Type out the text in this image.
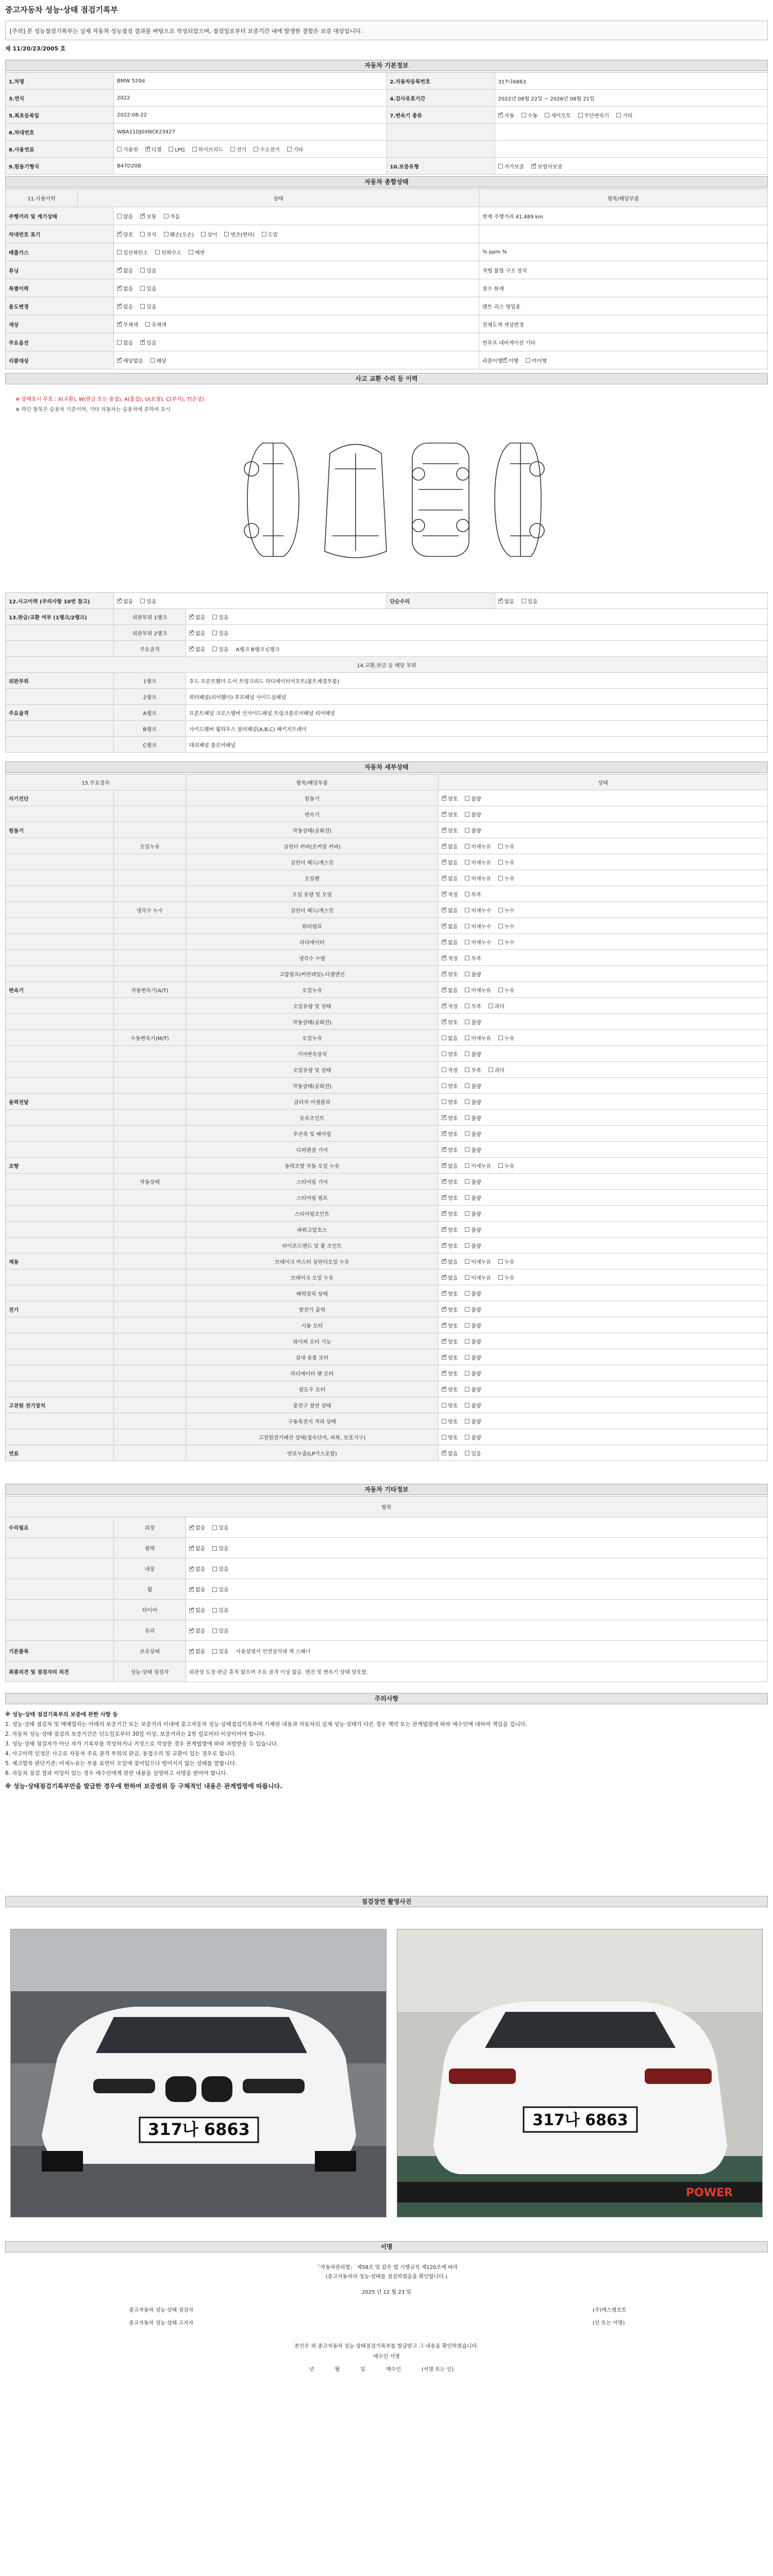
중고자동차 성능·상태 점검기록부
[주의] 본 성능점검기록부는 실제 자동차 성능점검 결과를 바탕으로 작성되었으며, 점검일로부터 보증기간 내에 발생한 결함은 보증 대상입니다.
제 11/20/23/2005 호
자동차 기본정보
1.차명	BMW 520d	2.자동차등록번호	317나6863
3.연식	2022	4.검사유효기간	2022년 08월 22일 ~ 2026년 08월 21일
5.최초등록일	2022-08-22	7.변속기 종류 ✓	자동	수동	세미오토	무단변속기	기타
6.차대번호	WBA11DJ0XNCK23427
8.사용연료	가솔린 ✓	디젤	LPG	하이브리드	전기	수소전기	기타
9.원동기형식	B47D20B	10.보증유형	자가보증 ✓	보험사보증
자동차 종합상태
11.사용이력	상태	항목/해당부품
주행거리 및 계기상태	많음 ✓	보통	적음	현재 주행거리 41,489 km
차대번호 표기 ✓	양호	부식	훼손(오손)	상이	변조(변타)	도말
배출가스	일산화탄소	탄화수소	매연	% ppm %
튜닝 ✓	없음	있음	적법 불법 구조 장치
특별이력 ✓	없음	있음	침수 화재
용도변경 ✓	없음	있음	렌트 리스 영업용
색상 ✓	무채색	유채색	전체도색 색상변경
주요옵션	없음 ✓	있음	썬루프 네비게이션 기타
리콜대상 ✓	해당없음	해당	리콜이행 ✓	이행	미이행
사고 교환 수리 등 이력
※ 상태표시 부호 : X(교환), W(판금 또는 용접), A(흠집), U(요철), C(부식), T(손상)
※ 하단 항목은 승용차 기준이며, 기타 자동차는 승용차에 준하여 표시
12.사고이력 (주의사항 10번 참고) ✓	없음	있음	단순수리 ✓	없음	있음
13.판금/교환 여부 (1랭크/2랭크)	외판부위 1랭크 ✓	없음	있음
외판부위 2랭크 ✓	없음	있음
주요골격 ✓	없음	있음	A랭크 B랭크 C랭크
14.교환,판금 등 해당 부위
외판부위	1랭크	후드 프론트휀더 도어 트렁크리드 라디에이터서포트(볼트체결부품)
2랭크	쿼터패널(리어휀더) 루프패널 사이드실패널
주요골격	A랭크	프론트패널 크로스멤버 인사이드패널 트렁크플로어패널 리어패널
B랭크	사이드멤버 휠하우스 필러패널(A,B,C) 패키지트레이
C랭크	대쉬패널 플로어패널
자동차 세부상태
15.주요장치	항목/해당부품	상태
자기진단	원동기 ✓	양호	불량
변속기 ✓	양호	불량
원동기	작동상태(공회전) ✓	양호	불량
오일누유	실린더 커버(로커암 커버) ✓	없음	미세누유	누유
실린더 헤드/개스킷 ✓	없음	미세누유	누유
오일팬 ✓	없음	미세누유	누유
오일 유량 및 오염 ✓	적정	부족
냉각수 누수	실린더 헤드/개스킷 ✓	없음	미세누수	누수
워터펌프 ✓	없음	미세누수	누수
라디에이터 ✓	없음	미세누수	누수
냉각수 수량 ✓	적정	부족
고압펌프(커먼레일)-디젤엔진 ✓	양호	불량
변속기	자동변속기(A/T)	오일누유 ✓	없음	미세누유	누유
오일유량 및 상태 ✓	적정	부족	과다
작동상태(공회전) ✓	양호	불량
수동변속기(M/T)	오일누유	없음	미세누유	누유
기어변속장치	양호	불량
오일유량 및 상태	적정	부족	과다
작동상태(공회전)	양호	불량
동력전달	클러치 어셈블리	양호	불량
등속조인트 ✓	양호	불량
추진축 및 베어링 ✓	양호	불량
디퍼렌셜 기어 ✓	양호	불량
조향	동력조향 작동 오일 누유 ✓	없음	미세누유	누유
작동상태	스티어링 기어 ✓	양호	불량
스티어링 펌프 ✓	양호	불량
스티어링조인트 ✓	양호	불량
파워고압호스 ✓	양호	불량
타이로드엔드 및 볼 조인트 ✓	양호	불량
제동	브레이크 마스터 실린더오일 누유 ✓	없음	미세누유	누유
브레이크 오일 누유 ✓	없음	미세누유	누유
배력장치 상태 ✓	양호	불량
전기	발전기 출력 ✓	양호	불량
시동 모터 ✓	양호	불량
와이퍼 모터 기능 ✓	양호	불량
실내 송풍 모터 ✓	양호	불량
라디에이터 팬 모터 ✓	양호	불량
윈도우 모터 ✓	양호	불량
고전원 전기장치	충전구 절연 상태	양호	불량
구동축전지 격리 상태	양호	불량
고전원전기배선 상태(접속단자, 피복, 보호기구)	양호	불량
연료	연료누출(LP가스포함) ✓	없음	있음
자동차 기타정보
항목
수리필요	외장 ✓	없음	있음
광택 ✓	없음	있음
내장 ✓	없음	있음
휠 ✓	없음	있음
타이어 ✓	없음	있음
유리 ✓	없음	있음
기본품목	보유상태 ✓	없음	있음	사용설명서 안전삼각대 잭 스패너
최종의견 및 점검자의 의견	성능·상태 점검자	외관상 도장·판금 흔적 없으며 주요 골격 이상 없음. 엔진 및 변속기 상태 양호함.
주의사항

※ 성능·상태 점검기록부의 보증에 관한 사항 등

1. 성능·상태 점검자 및 매매업자는 아래의 보증기간 또는 보증거리 이내에 중고자동차 성능·상태점검기록부에 기재된 내용과 자동차의 실제 성능·상태가 다른 경우 계약 또는 관계법령에 따라 매수인에 대하여 책임을 집니다.

2. 자동차 성능·상태 점검의 보증기간은 인도일로부터 30일 이상, 보증거리는 2천 킬로미터 이상이어야 합니다.

3. 성능·상태 점검자가 아닌 자가 기록부를 작성하거나 거짓으로 작성한 경우 관계법령에 따라 처벌받을 수 있습니다.

4. 사고이력 인정은 사고로 자동차 주요 골격 부위의 판금, 용접수리 및 교환이 있는 경우로 합니다.

5. 체크항목 판단기준: 미세누유는 부품 표면이 오일에 젖어있으나 떨어지지 않는 상태를 말합니다.

6. 자동차 점검 결과 이상이 있는 경우 매수인에게 관련 내용을 설명하고 서명을 받아야 합니다.

※ 성능·상태점검기록부만을 발급한 경우에 한하여 보증범위 등 구체적인 내용은 관계법령에 따릅니다.

점검장면 촬영사진
317나 6863	317나 6863
POWER
서명
「자동차관리법」 제58조 및 같은 법 시행규칙 제120조에 따라
(중고자동차의 성능·상태를 점검하였음을 확인합니다.)
2025 년 12 월 23 일
중고자동차 성능·상태 점검자	(주)에스엠오토
중고자동차 성능·상태 고지자	(인 또는 서명)
본인은 위 중고자동차 성능·상태점검기록부를 발급받고 그 내용을 확인하였습니다.
매수인 서명
년	월	일	매수인	(서명 또는 인)
